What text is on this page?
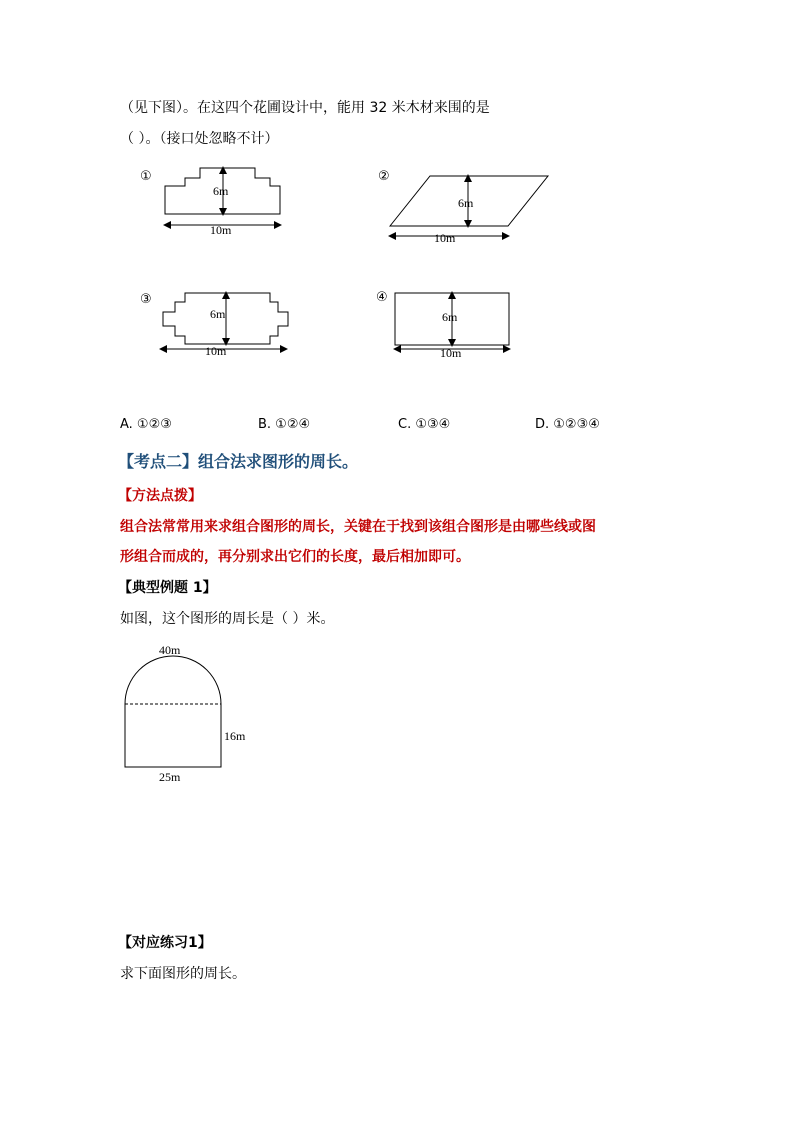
（见下图）。在这四个花圃设计中，能用 32 米木材来围的是
（ ）。（接口处忽略不计）
①
6m
10m
②
6m
10m
③
6m
10m
④
6m
10m
A. ①②③	B. ①②④	C. ①③④	D. ①②③④
【考点二】组合法求图形的周长。
【方法点拨】
组合法常常用来求组合图形的周长，关键在于找到该组合图形是由哪些线或图
形组合而成的，再分别求出它们的长度，最后相加即可。
【典型例题 1】
如图，这个图形的周长是（ ）米。
40m
16m
25m
【对应练习1】
求下面图形的周长。
